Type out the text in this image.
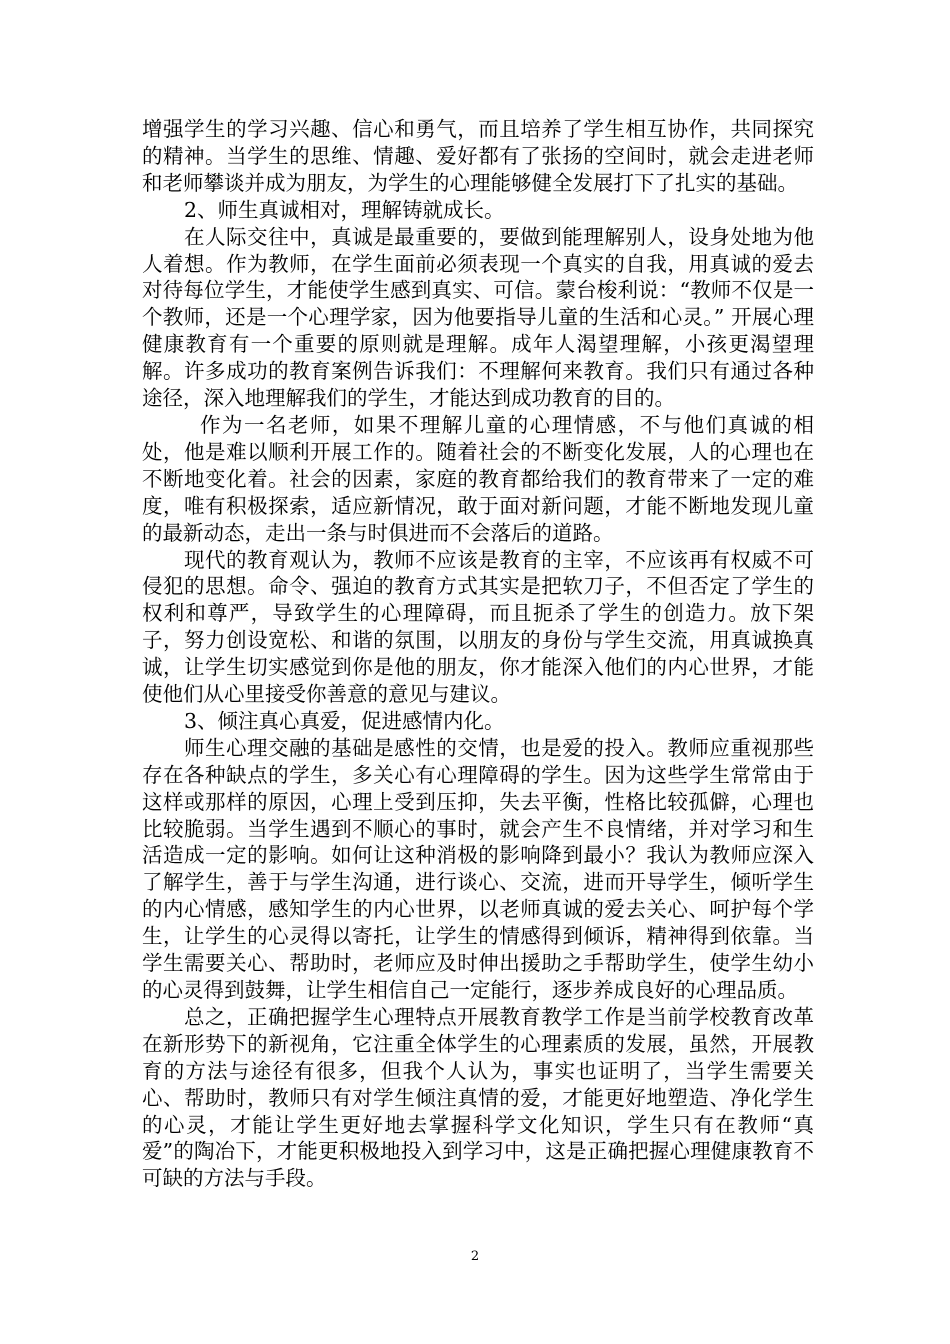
增强学生的学习兴趣、信心和勇气，而且培养了学生相互协作，共同探究的精神。当学生的思维、情趣、爱好都有了张扬的空间时，就会走进老师和老师攀谈并成为朋友，为学生的心理能够健全发展打下了扎实的基础。

2、师生真诚相对，理解铸就成长。

在人际交往中，真诚是最重要的，要做到能理解别人，设身处地为他人着想。作为教师，在学生面前必须表现一个真实的自我，用真诚的爱去对待每位学生，才能使学生感到真实、可信。蒙台梭利说：“教师不仅是一个教师，还是一个心理学家，因为他要指导儿童的生活和心灵。” 开展心理健康教育有一个重要的原则就是理解。成年人渴望理解，小孩更渴望理解。许多成功的教育案例告诉我们：不理解何来教育。我们只有通过各种途径，深入地理解我们的学生，才能达到成功教育的目的。

作为一名老师，如果不理解儿童的心理情感，不与他们真诚的相处，他是难以顺利开展工作的。随着社会的不断变化发展，人的心理也在不断地变化着。社会的因素，家庭的教育都给我们的教育带来了一定的难度，唯有积极探索，适应新情况，敢于面对新问题，才能不断地发现儿童的最新动态，走出一条与时俱进而不会落后的道路。

现代的教育观认为，教师不应该是教育的主宰，不应该再有权威不可侵犯的思想。命令、强迫的教育方式其实是把软刀子，不但否定了学生的权利和尊严，导致学生的心理障碍，而且扼杀了学生的创造力。放下架子，努力创设宽松、和谐的氛围，以朋友的身份与学生交流，用真诚换真诚，让学生切实感觉到你是他的朋友，你才能深入他们的内心世界，才能使他们从心里接受你善意的意见与建议。

3、倾注真心真爱，促进感情内化。

师生心理交融的基础是感性的交情，也是爱的投入。教师应重视那些存在各种缺点的学生，多关心有心理障碍的学生。因为这些学生常常由于这样或那样的原因，心理上受到压抑，失去平衡，性格比较孤僻，心理也比较脆弱。当学生遇到不顺心的事时，就会产生不良情绪，并对学习和生活造成一定的影响。如何让这种消极的影响降到最小？我认为教师应深入了解学生，善于与学生沟通，进行谈心、交流，进而开导学生，倾听学生的内心情感，感知学生的内心世界，以老师真诚的爱去关心、呵护每个学生，让学生的心灵得以寄托，让学生的情感得到倾诉，精神得到依靠。当学生需要关心、帮助时，老师应及时伸出援助之手帮助学生，使学生幼小的心灵得到鼓舞，让学生相信自己一定能行，逐步养成良好的心理品质。

总之，正确把握学生心理特点开展教育教学工作是当前学校教育改革在新形势下的新视角，它注重全体学生的心理素质的发展，虽然，开展教育的方法与途径有很多，但我个人认为，事实也证明了，当学生需要关心、帮助时，教师只有对学生倾注真情的爱，才能更好地塑造、净化学生的心灵，才能让学生更好地去掌握科学文化知识，学生只有在教师“真爱”的陶冶下，才能更积极地投入到学习中，这是正确把握心理健康教育不可缺的方法与手段。

2
